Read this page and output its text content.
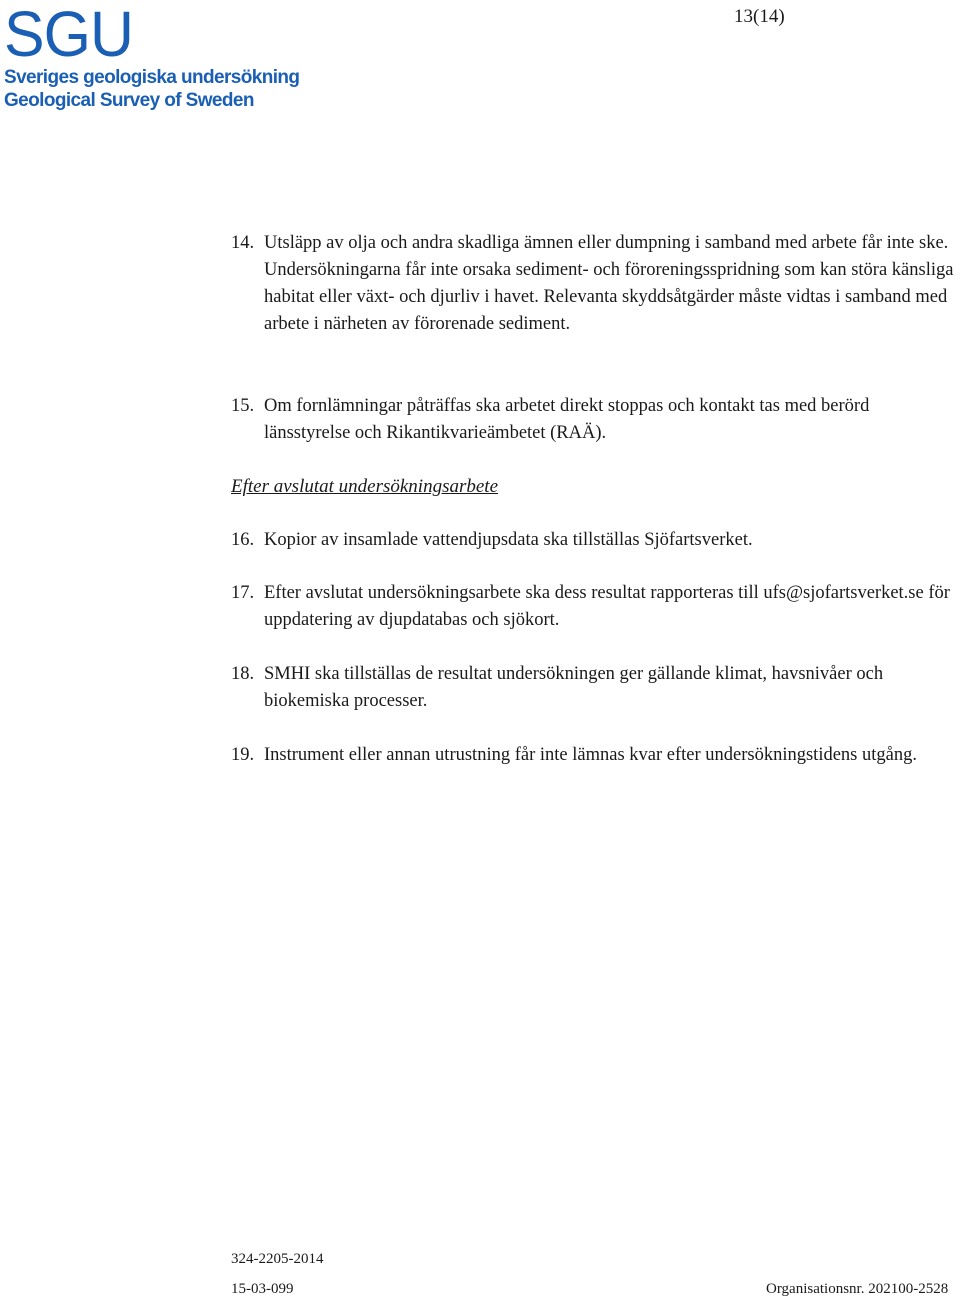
SGU
Sveriges geologiska undersökning
Geological Survey of Sweden
13(14)
14. Utsläpp av olja och andra skadliga ämnen eller dumpning i samband med arbete får inte ske. Undersökningarna får inte orsaka sediment- och föroreningsspridning som kan störa känsliga habitat eller växt- och djurliv i havet. Relevanta skyddsåtgärder måste vidtas i samband med arbete i närheten av förorenade sediment.
15. Om fornlämningar påträffas ska arbetet direkt stoppas och kontakt tas med berörd länsstyrelse och Rikantikvarieämbetet (RAÄ).
Efter avslutat undersökningsarbete
16. Kopior av insamlade vattendjupsdata ska tillställas Sjöfartsverket.
17. Efter avslutat undersökningsarbete ska dess resultat rapporteras till ufs@sjofartsverket.se för uppdatering av djupdatabas och sjökort.
18. SMHI ska tillställas de resultat undersökningen ger gällande klimat, havsnivåer och biokemiska processer.
19. Instrument eller annan utrustning får inte lämnas kvar efter undersökningstidens utgång.
324-2205-2014
15-03-099	Organisationsnr. 202100-2528
